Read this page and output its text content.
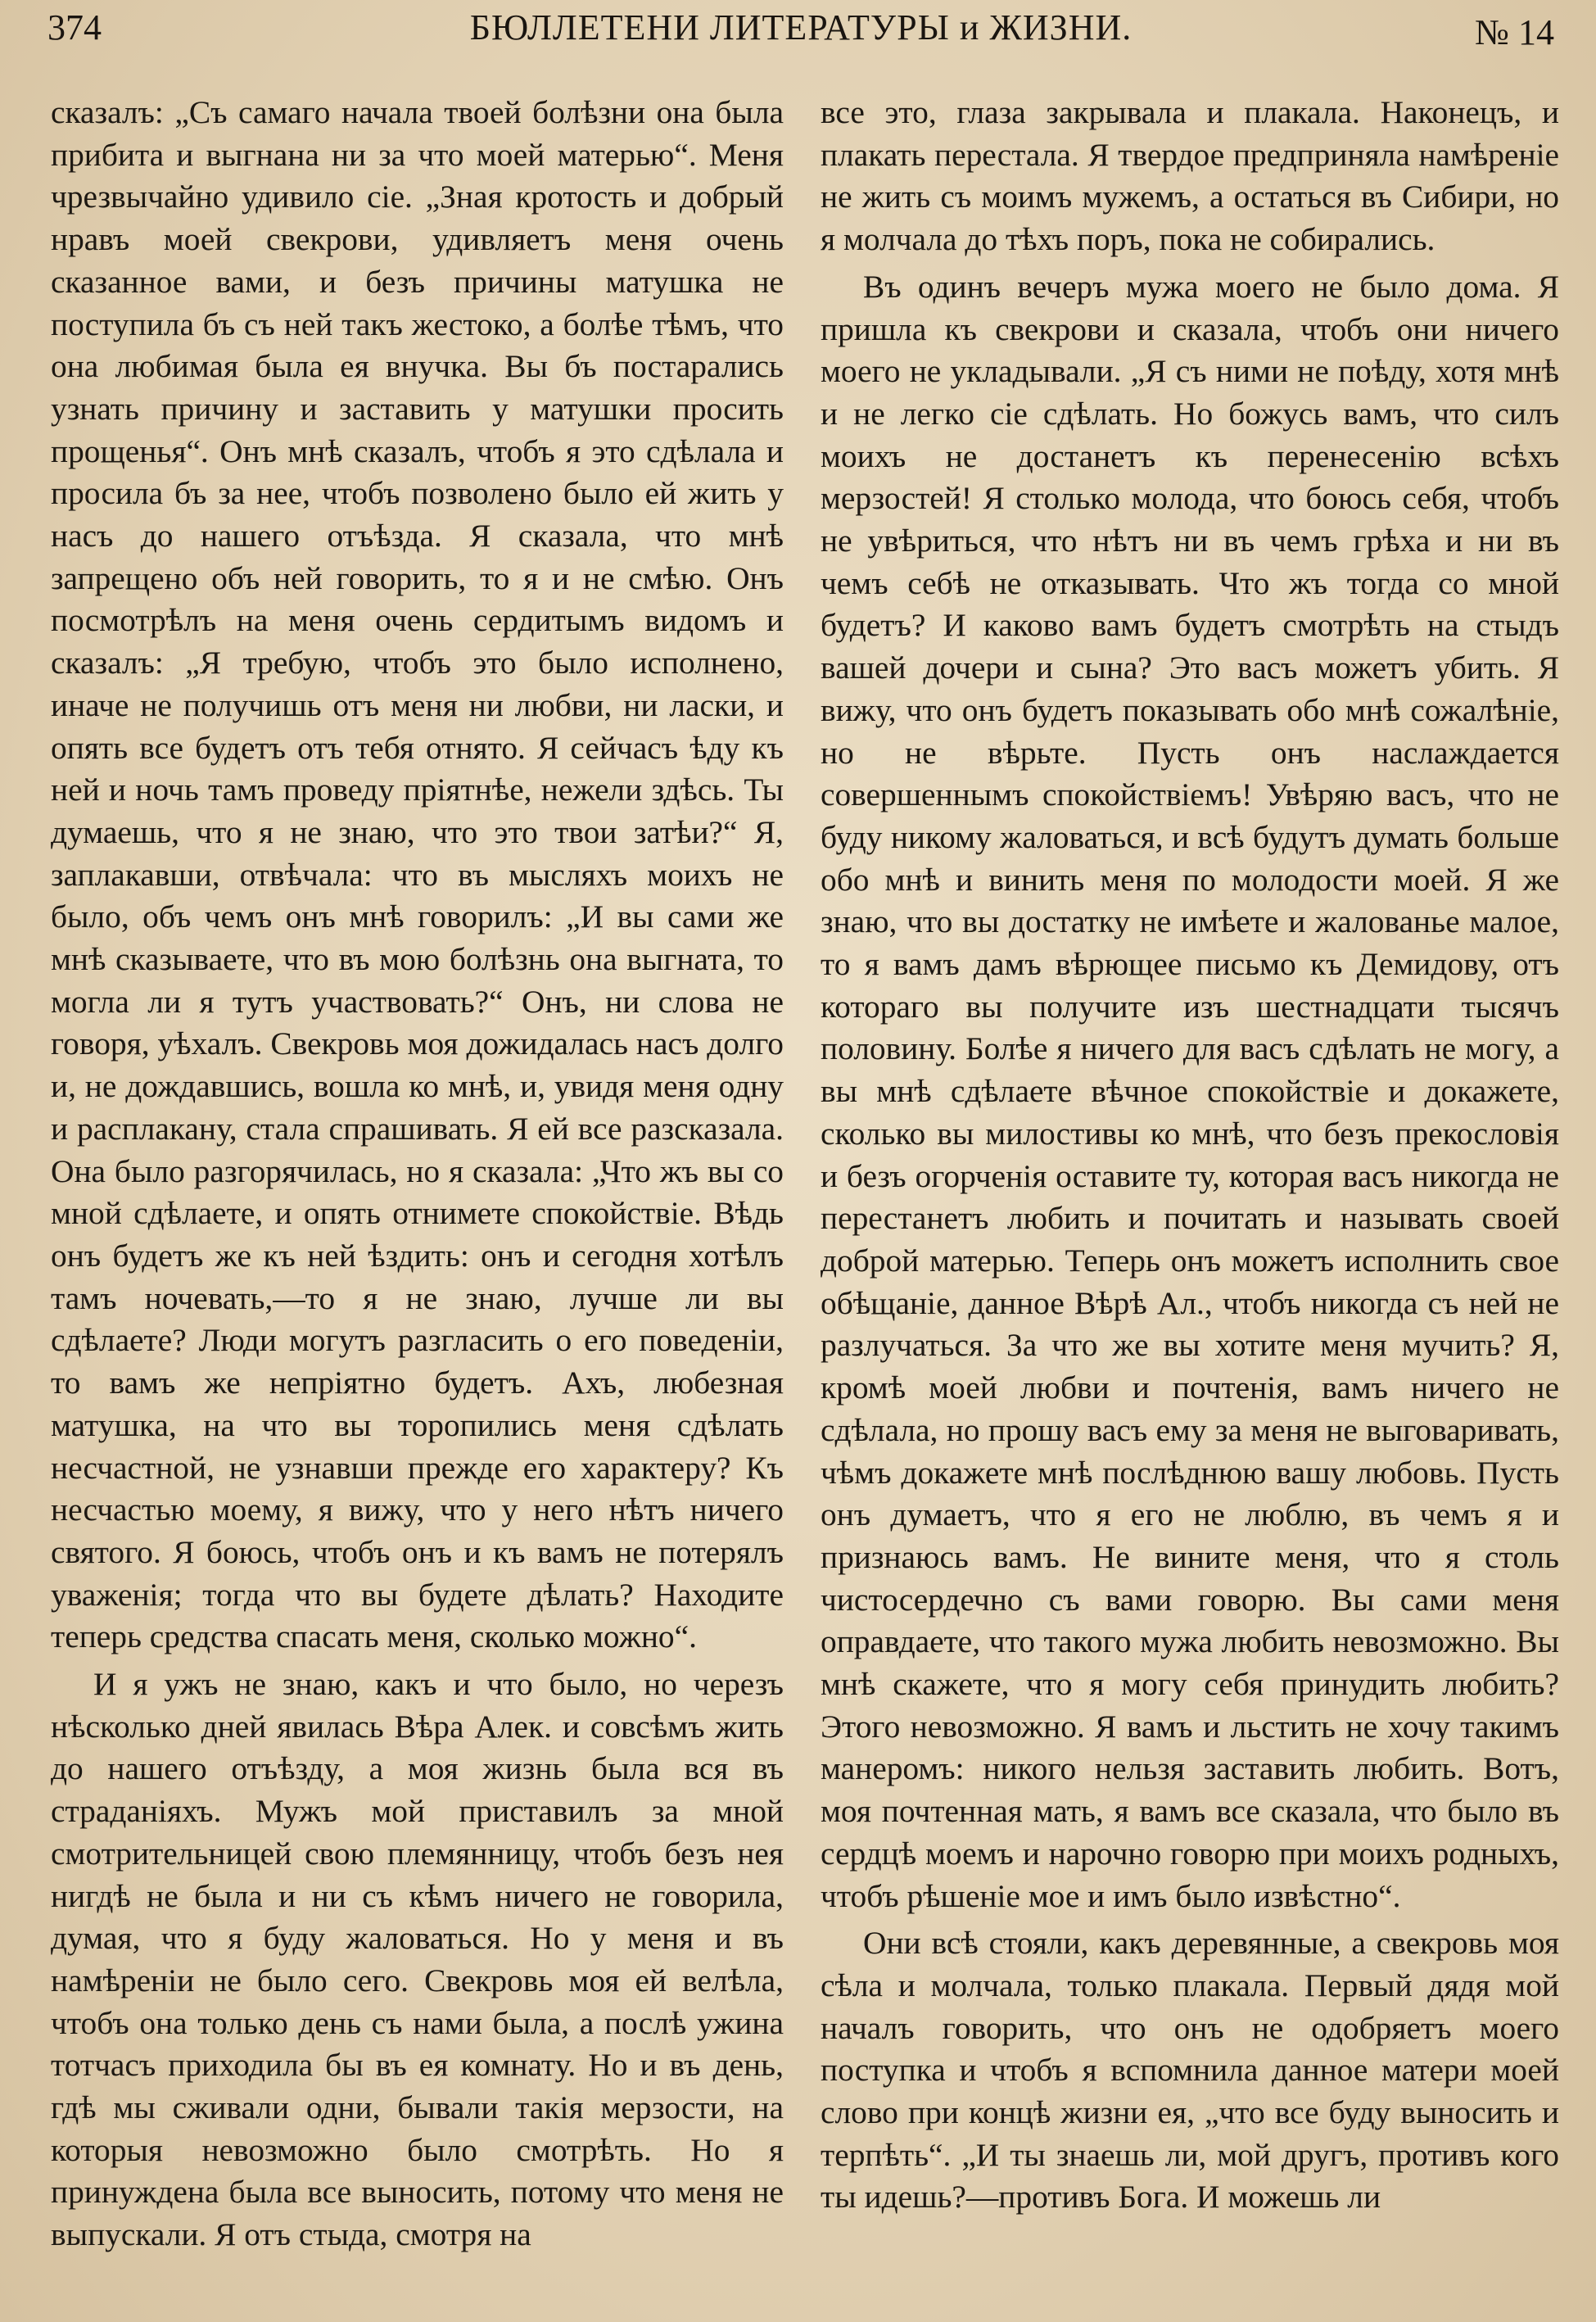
374	БЮЛЛЕТЕНИ ЛИТЕРАТУРЫ и ЖИЗНИ.	№ 14

сказалъ: „Съ самаго начала твоей болѣзни она была прибита и выгнана ни за что моей матерью“. Меня чрезвычайно удивило сіе. „Зная кротость и добрый нравъ моей свекрови, удивляетъ меня очень сказанное вами, и безъ причины матушка не поступила бъ съ ней такъ жестоко, а болѣе тѣмъ, что она любимая была ея внучка. Вы бъ постарались узнать причину и заставить у матушки просить прощенья“. Онъ мнѣ сказалъ, чтобъ я это сдѣлала и просила бъ за нее, чтобъ позволено было ей жить у насъ до нашего отъѣзда. Я сказала, что мнѣ запрещено объ ней говорить, то я и не смѣю. Онъ посмотрѣлъ на меня очень сердитымъ видомъ и сказалъ: „Я требую, чтобъ это было исполнено, иначе не получишь отъ меня ни любви, ни ласки, и опять все будетъ отъ тебя отнято. Я сейчасъ ѣду къ ней и ночь тамъ проведу пріятнѣе, нежели здѣсь. Ты думаешь, что я не знаю, что это твои затѣи?“ Я, заплакавши, отвѣчала: что въ мысляхъ моихъ не было, объ чемъ онъ мнѣ говорилъ: „И вы сами же мнѣ сказываете, что въ мою болѣзнь она выгната, то могла ли я тутъ участвовать?“ Онъ, ни слова не говоря, уѣхалъ. Свекровь моя дожидалась насъ долго и, не дождавшись, вошла ко мнѣ, и, увидя меня одну и расплакану, стала спрашивать. Я ей все разсказала. Она было разгорячилась, но я сказала: „Что жъ вы со мной сдѣлаете, и опять отнимете спокойствіе. Вѣдь онъ будетъ же къ ней ѣздить: онъ и сегодня хотѣлъ тамъ ночевать,—то я не знаю, лучше ли вы сдѣлаете? Люди могутъ разгласить о его поведеніи, то вамъ же непріятно будетъ. Ахъ, любезная матушка, на что вы торопились меня сдѣлать несчастной, не узнавши прежде его характеру? Къ несчастью моему, я вижу, что у него нѣтъ ничего святого. Я боюсь, чтобъ онъ и къ вамъ не потерялъ уваженія; тогда что вы будете дѣлать? Находите теперь средства спасать меня, сколько можно“.

И я ужъ не знаю, какъ и что было, но черезъ нѣсколько дней явилась Вѣра Алек. и совсѣмъ жить до нашего отъѣзду, а моя жизнь была вся въ страданіяхъ. Мужъ мой приставилъ за мной смотрительницей свою племянницу, чтобъ безъ нея нигдѣ не была и ни съ кѣмъ ничего не говорила, думая, что я буду жаловаться. Но у меня и въ намѣреніи не было сего. Свекровь моя ей велѣла, чтобъ она только день съ нами была, а послѣ ужина тотчасъ приходила бы въ ея комнату. Но и въ день, гдѣ мы сживали одни, бывали такія мерзости, на которыя невозможно было смотрѣть. Но я принуждена была все выносить, потому что меня не выпускали. Я отъ стыда, смотря на

все это, глаза закрывала и плакала. Наконецъ, и плакать перестала. Я твердое предприняла намѣреніе не жить съ моимъ мужемъ, а остаться въ Сибири, но я молчала до тѣхъ поръ, пока не собирались.

Въ одинъ вечеръ мужа моего не было дома. Я пришла къ свекрови и сказала, чтобъ они ничего моего не укладывали. „Я съ ними не поѣду, хотя мнѣ и не легко сіе сдѣлать. Но божусь вамъ, что силъ моихъ не достанетъ къ перенесенію всѣхъ мерзостей! Я столько молода, что боюсь себя, чтобъ не увѣриться, что нѣтъ ни въ чемъ грѣха и ни въ чемъ себѣ не отказывать. Что жъ тогда со мной будетъ? И каково вамъ будетъ смотрѣть на стыдъ вашей дочери и сына? Это васъ можетъ убить. Я вижу, что онъ будетъ показывать обо мнѣ сожалѣніе, но не вѣрьте. Пусть онъ наслаждается совершеннымъ спокойствіемъ! Увѣряю васъ, что не буду никому жаловаться, и всѣ будутъ думать больше обо мнѣ и винить меня по молодости моей. Я же знаю, что вы достатку не имѣете и жалованье малое, то я вамъ дамъ вѣрющее письмо къ Демидову, отъ котораго вы получите изъ шестнадцати тысячъ половину. Болѣе я ничего для васъ сдѣлать не могу, а вы мнѣ сдѣлаете вѣчное спокойствіе и докажете, сколько вы милостивы ко мнѣ, что безъ прекословія и безъ огорченія оставите ту, которая васъ никогда не перестанетъ любить и почитать и называть своей доброй матерью. Теперь онъ можетъ исполнить свое обѣщаніе, данное Вѣрѣ Ал., чтобъ никогда съ ней не разлучаться. За что же вы хотите меня мучить? Я, кромѣ моей любви и почтенія, вамъ ничего не сдѣлала, но прошу васъ ему за меня не выговаривать, чѣмъ докажете мнѣ послѣднюю вашу любовь. Пусть онъ думаетъ, что я его не люблю, въ чемъ я и признаюсь вамъ. Не вините меня, что я столь чистосердечно съ вами говорю. Вы сами меня оправдаете, что такого мужа любить невозможно. Вы мнѣ скажете, что я могу себя принудить любить? Этого невозможно. Я вамъ и льстить не хочу такимъ манеромъ: никого нельзя заставить любить. Вотъ, моя почтенная мать, я вамъ все сказала, что было въ сердцѣ моемъ и нарочно говорю при моихъ родныхъ, чтобъ рѣшеніе мое и имъ было извѣстно“.

Они всѣ стояли, какъ деревянные, а свекровь моя сѣла и молчала, только плакала. Первый дядя мой началъ говорить, что онъ не одобряетъ моего поступка и чтобъ я вспомнила данное матери моей слово при концѣ жизни ея, „что все буду выносить и терпѣть“. „И ты знаешь ли, мой другъ, противъ кого ты идешь?—противъ Бога. И можешь ли
